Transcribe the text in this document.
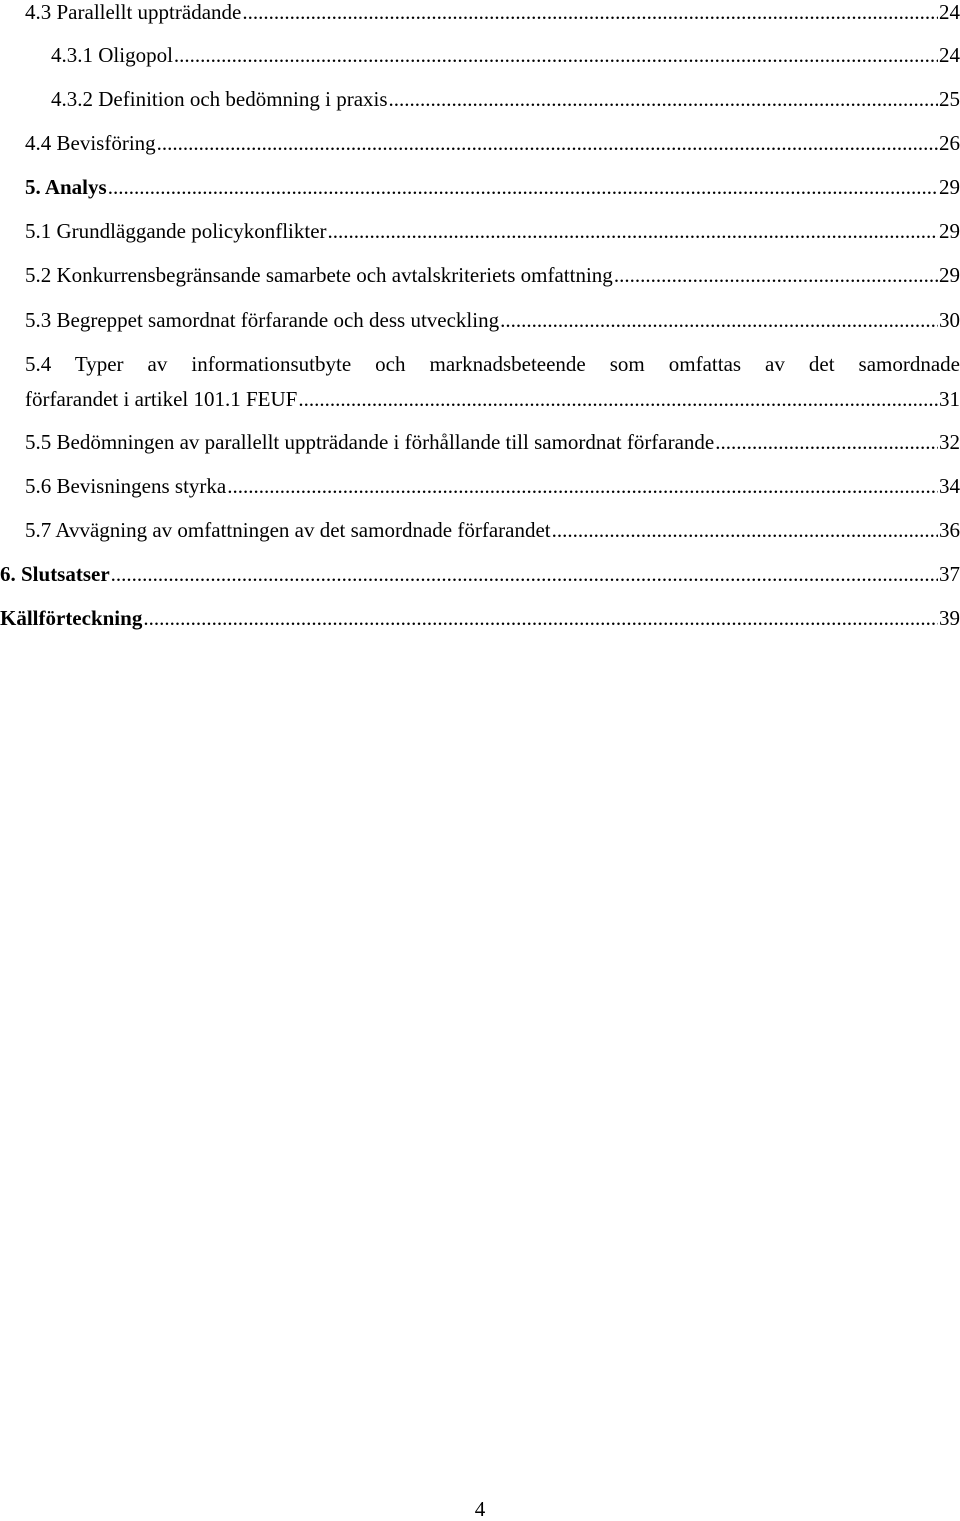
4.3 Parallellt uppträdande .....	24
4.3.1 Oligopol .....	24
4.3.2 Definition och bedömning i praxis .....	25
4.4 Bevisföring .....	26
5. Analys .....	29
5.1 Grundläggande policykonflikter .....	29
5.2 Konkurrensbegränsande samarbete och avtalskriteriets omfattning .....	29
5.3 Begreppet samordnat förfarande och dess utveckling .....	30
5.4 Typer av informationsutbyte och marknadsbeteende som omfattas av det samordnade
förfarandet i artikel 101.1 FEUF .....	31
5.5 Bedömningen av parallellt uppträdande i förhållande till samordnat förfarande .....	32
5.6 Bevisningens styrka .....	34
5.7 Avvägning av omfattningen av det samordnade förfarandet .....	36
6. Slutsatser .....	37
Källförteckning .....	39
4
